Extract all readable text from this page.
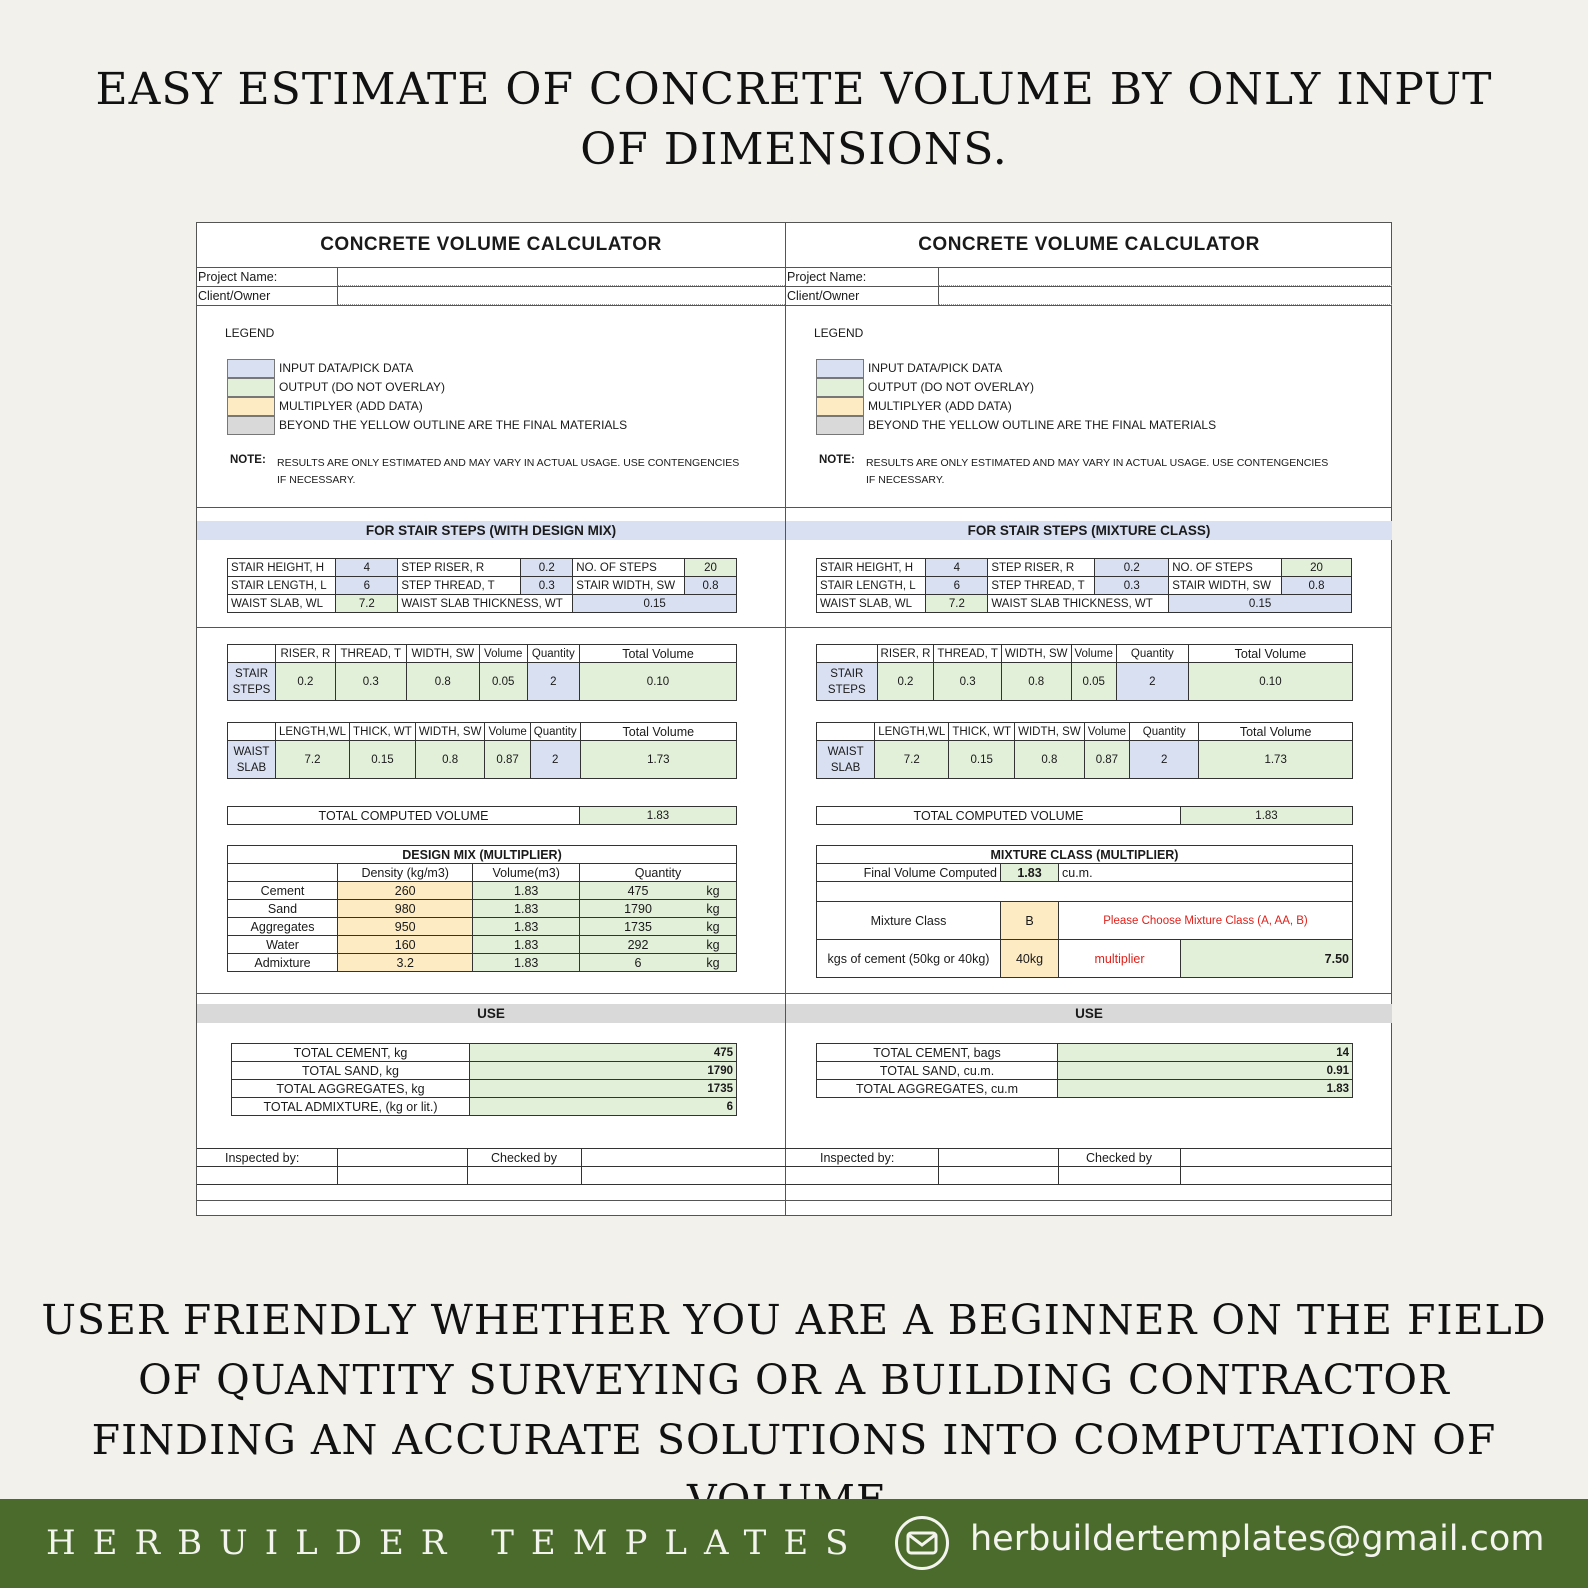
EASY ESTIMATE OF CONCRETE VOLUME BY ONLY INPUT OF DIMENSIONS.
CONCRETE VOLUME CALCULATOR
Project Name:
Client/Owner
LEGEND
INPUT DATA/PICK DATA
OUTPUT (DO NOT OVERLAY)
MULTIPLYER (ADD DATA)
BEYOND THE YELLOW OUTLINE ARE THE FINAL MATERIALS
NOTE: RESULTS ARE ONLY ESTIMATED AND MAY VARY IN ACTUAL USAGE. USE CONTENGENCIES IF NECESSARY.
FOR STAIR STEPS (WITH DESIGN MIX)
STAIR HEIGHT, H	4	STEP RISER, R	0.2	NO. OF STEPS	20
STAIR LENGTH, L	6	STEP THREAD, T	0.3	STAIR WIDTH, SW	0.8
WAIST SLAB, WL	7.2	WAIST SLAB THICKNESS, WT		0.15	
	RISER, R	THREAD, T	WIDTH, SW	Volume	Quantity	Total Volume
STAIR STEPS	0.2	0.3	0.8	0.05	2	0.10
	LENGTH,WL	THICK, WT	WIDTH, SW	Volume	Quantity	Total Volume
WAIST SLAB	7.2	0.15	0.8	0.87	2	1.73
TOTAL COMPUTED VOLUME	1.83
DESIGN MIX (MULTIPLIER)			
	Density (kg/m3)	Volume(m3)	Quantity
Cement	260	1.83	475 kg
Sand	980	1.83	1790 kg
Aggregates	950	1.83	1735 kg
Water	160	1.83	292 kg
Admixture	3.2	1.83	6 kg
USE
TOTAL CEMENT, kg	475
TOTAL SAND, kg	1790
TOTAL AGGREGATES, kg	1735
TOTAL ADMIXTURE, (kg or lit.)	6
Inspected by:		Checked by	

CONCRETE VOLUME CALCULATOR
Project Name:
Client/Owner
LEGEND
INPUT DATA/PICK DATA
OUTPUT (DO NOT OVERLAY)
MULTIPLYER (ADD DATA)
BEYOND THE YELLOW OUTLINE ARE THE FINAL MATERIALS
NOTE: RESULTS ARE ONLY ESTIMATED AND MAY VARY IN ACTUAL USAGE. USE CONTENGENCIES IF NECESSARY.
FOR STAIR STEPS (MIXTURE CLASS)
STAIR HEIGHT, H	4	STEP RISER, R	0.2	NO. OF STEPS	20
STAIR LENGTH, L	6	STEP THREAD, T	0.3	STAIR WIDTH, SW	0.8
WAIST SLAB, WL	7.2	WAIST SLAB THICKNESS, WT		0.15	
	RISER, R	THREAD, T	WIDTH, SW	Volume	Quantity	Total Volume
STAIR STEPS	0.2	0.3	0.8	0.05	2	0.10
	LENGTH,WL	THICK, WT	WIDTH, SW	Volume	Quantity	Total Volume
WAIST SLAB	7.2	0.15	0.8	0.87	2	1.73
TOTAL COMPUTED VOLUME	1.83
MIXTURE CLASS (MULTIPLIER)			
Final Volume Computed	1.83	cu.m.	

Mixture Class	B	Please Choose Mixture Class (A, AA, B)	
kgs of cement (50kg or 40kg)	40kg	multiplier	7.50
USE
TOTAL CEMENT, bags	14
TOTAL SAND, cu.m.	0.91
TOTAL AGGREGATES, cu.m	1.83
Inspected by:		Checked by	

USER FRIENDLY WHETHER YOU ARE A BEGINNER ON THE FIELD OF QUANTITY SURVEYING OR A BUILDING CONTRACTOR FINDING AN ACCURATE SOLUTIONS INTO COMPUTATION OF
HERBUILDER TEMPLATES	herbuildertemplates@gmail.com
